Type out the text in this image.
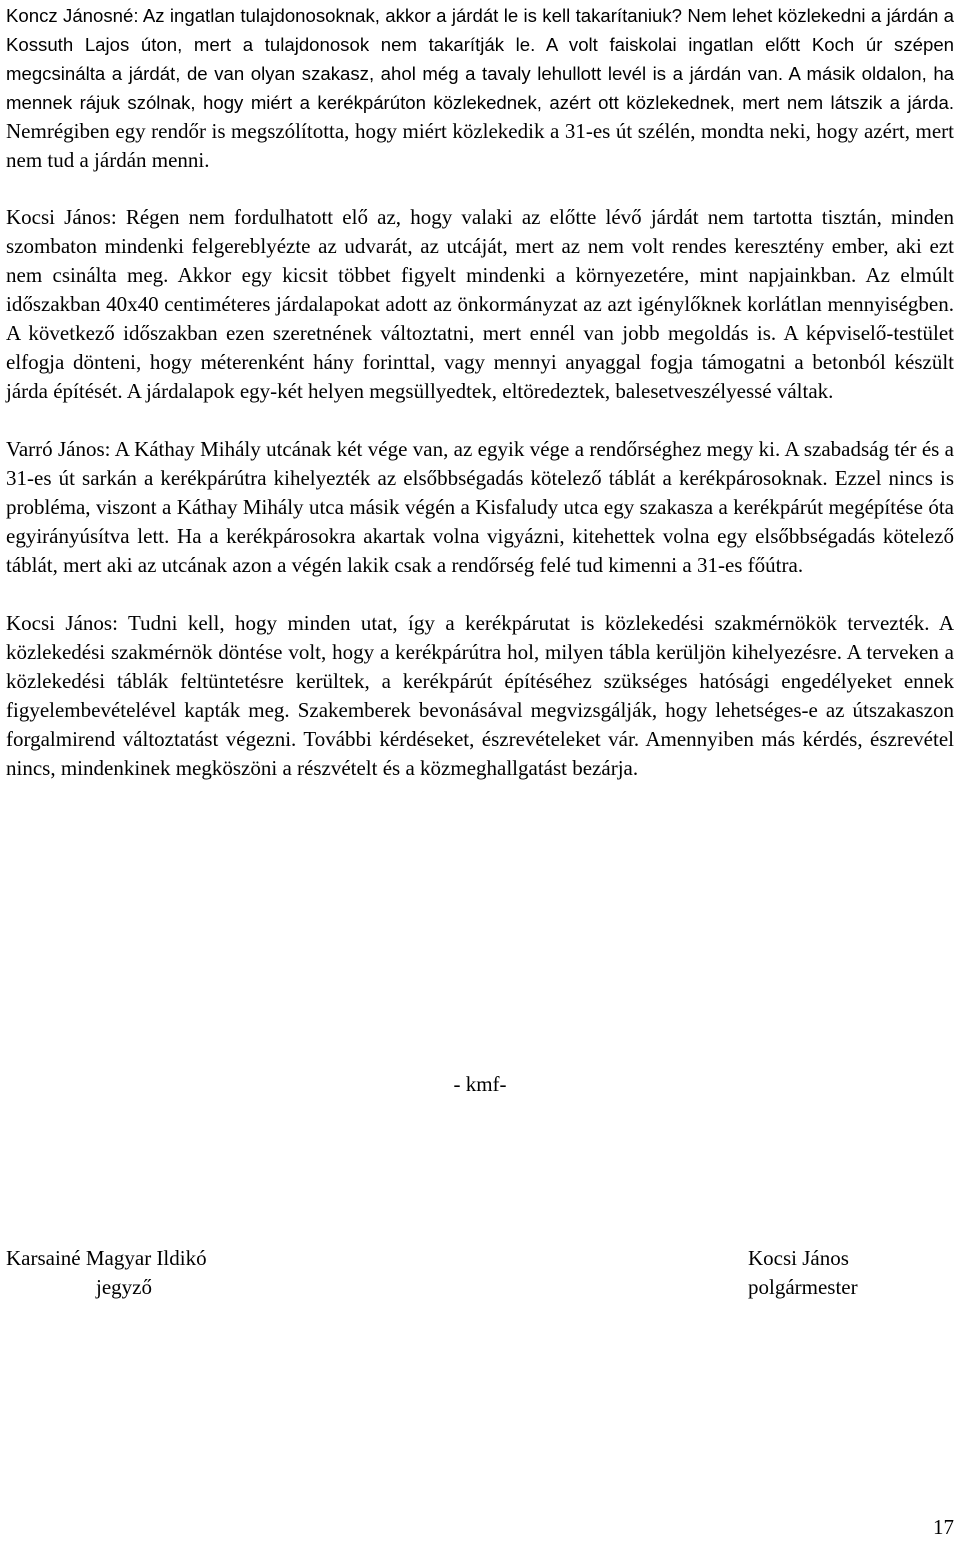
Koncz Jánosné: Az ingatlan tulajdonosoknak, akkor a járdát le is kell takarítaniuk? Nem lehet közlekedni a járdán a Kossuth Lajos úton, mert a tulajdonosok nem takarítják le. A volt faiskolai ingatlan előtt Koch úr szépen megcsinálta a járdát, de van olyan szakasz, ahol még a tavaly lehullott levél is a járdán van. A másik oldalon, ha mennek rájuk szólnak, hogy miért a kerékpárúton közlekednek, azért ott közlekednek, mert nem látszik a járda. Nemrégiben egy rendőr is megszólította, hogy miért közlekedik a 31-es út szélén, mondta neki, hogy azért, mert nem tud a járdán menni.

Kocsi János: Régen nem fordulhatott elő az, hogy valaki az előtte lévő járdát nem tartotta tisztán, minden szombaton mindenki felgereblyézte az udvarát, az utcáját, mert az nem volt rendes keresztény ember, aki ezt nem csinálta meg. Akkor egy kicsit többet figyelt mindenki a környezetére, mint napjainkban. Az elmúlt időszakban 40x40 centiméteres járdalapokat adott az önkormányzat az azt igénylőknek korlátlan mennyiségben. A következő időszakban ezen szeretnének változtatni, mert ennél van jobb megoldás is. A képviselő-testület elfogja dönteni, hogy méterenként hány forinttal, vagy mennyi anyaggal fogja támogatni a betonból készült járda építését. A járdalapok egy-két helyen megsüllyedtek, eltöredeztek, balesetveszélyessé váltak.

Varró János: A Káthay Mihály utcának két vége van, az egyik vége a rendőrséghez megy ki. A szabadság tér és a 31-es út sarkán a kerékpárútra kihelyezték az elsőbbségadás kötelező táblát a kerékpárosoknak. Ezzel nincs is probléma, viszont a Káthay Mihály utca másik végén a Kisfaludy utca egy szakasza a kerékpárút megépítése óta egyirányúsítva lett. Ha a kerékpárosokra akartak volna vigyázni, kitehettek volna egy elsőbbségadás kötelező táblát, mert aki az utcának azon a végén lakik csak a rendőrség felé tud kimenni a 31-es főútra.

Kocsi János: Tudni kell, hogy minden utat, így a kerékpárutat is közlekedési szakmérnökök tervezték. A közlekedési szakmérnök döntése volt, hogy a kerékpárútra hol, milyen tábla kerüljön kihelyezésre. A terveken a közlekedési táblák feltüntetésre kerültek, a kerékpárút építéséhez szükséges hatósági engedélyeket ennek figyelembevételével kapták meg. Szakemberek bevonásával megvizsgálják, hogy lehetséges-e az útszakaszon forgalmirend változtatást végezni. További kérdéseket, észrevételeket vár. Amennyiben más kérdés, észrevétel nincs, mindenkinek megköszöni a részvételt és a közmeghallgatást bezárja.

- kmf-
Karsainé Magyar Ildikó
jegyző
Kocsi János
polgármester
17
